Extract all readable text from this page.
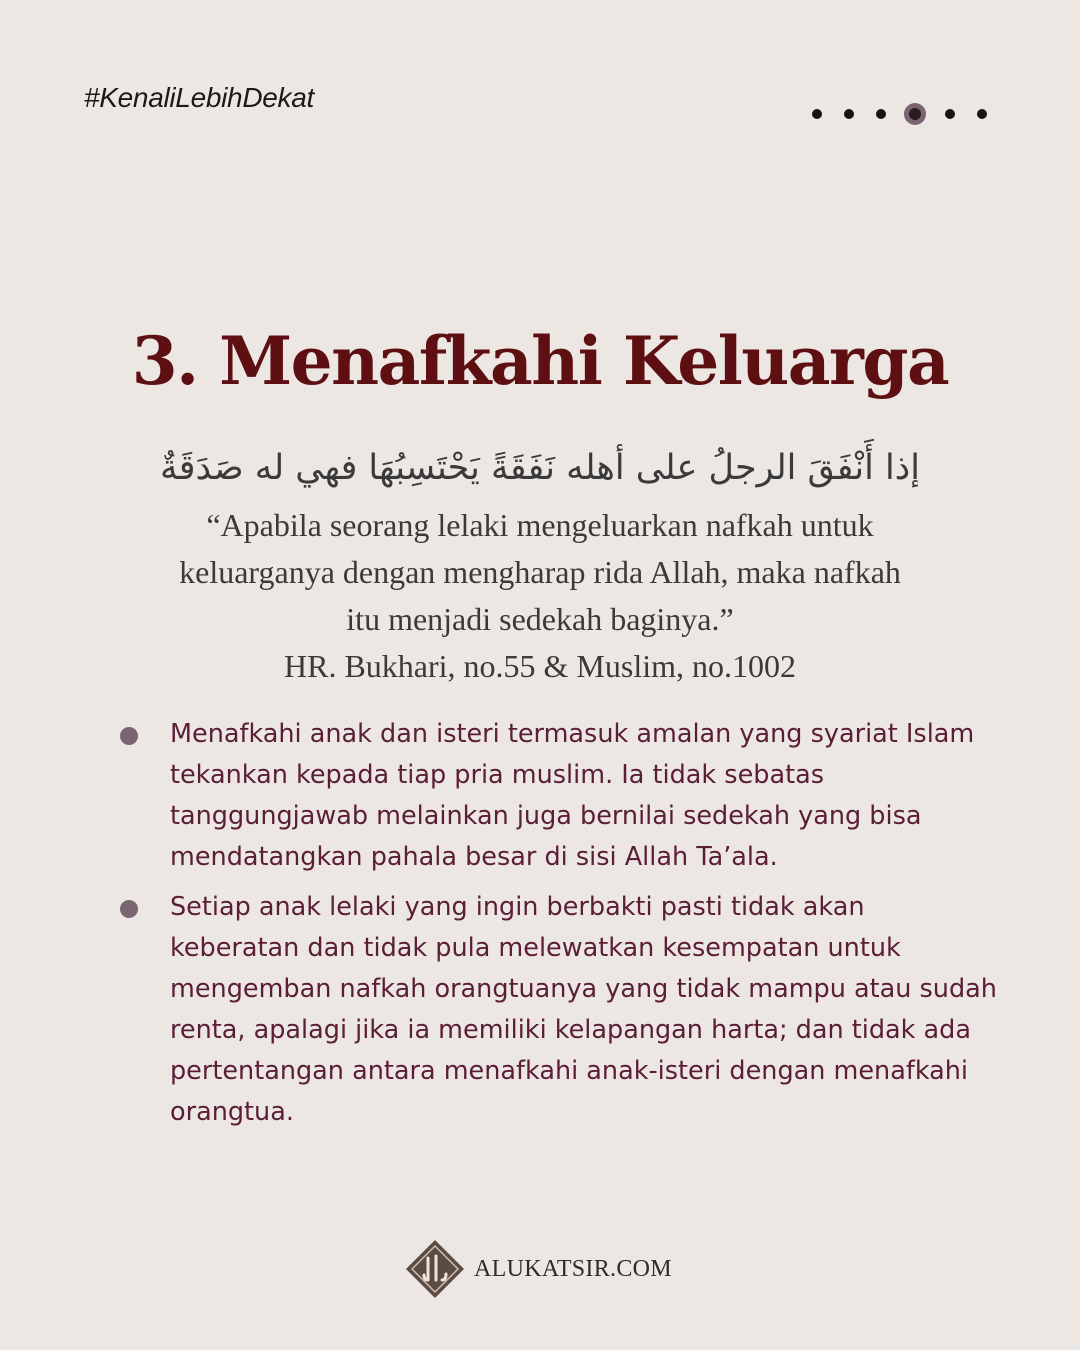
#KenaliLebihDekat
3. Menafkahi Keluarga
إذا أَنْفَقَ الرجلُ على أهله نَفَقَةً يَحْتَسِبُهَا فهي له صَدَقَةٌ

“Apabila seorang lelaki mengeluarkan nafkah untuk

keluarganya dengan mengharap rida Allah, maka nafkah

itu menjadi sedekah baginya.”

HR. Bukhari, no.55 & Muslim, no.1002

Menafkahi anak dan isteri termasuk amalan yang syariat Islam tekankan kepada tiap pria muslim. Ia tidak sebatas tanggungjawab melainkan juga bernilai sedekah yang bisa mendatangkan pahala besar di sisi Allah Ta’ala.
Setiap anak lelaki yang ingin berbakti pasti tidak akan keberatan dan tidak pula melewatkan kesempatan untuk mengemban nafkah orangtuanya yang tidak mampu atau sudah renta, apalagi jika ia memiliki kelapangan harta; dan tidak ada pertentangan antara menafkahi anak-isteri dengan menafkahi orangtua.
ALUKATSIR.COM
